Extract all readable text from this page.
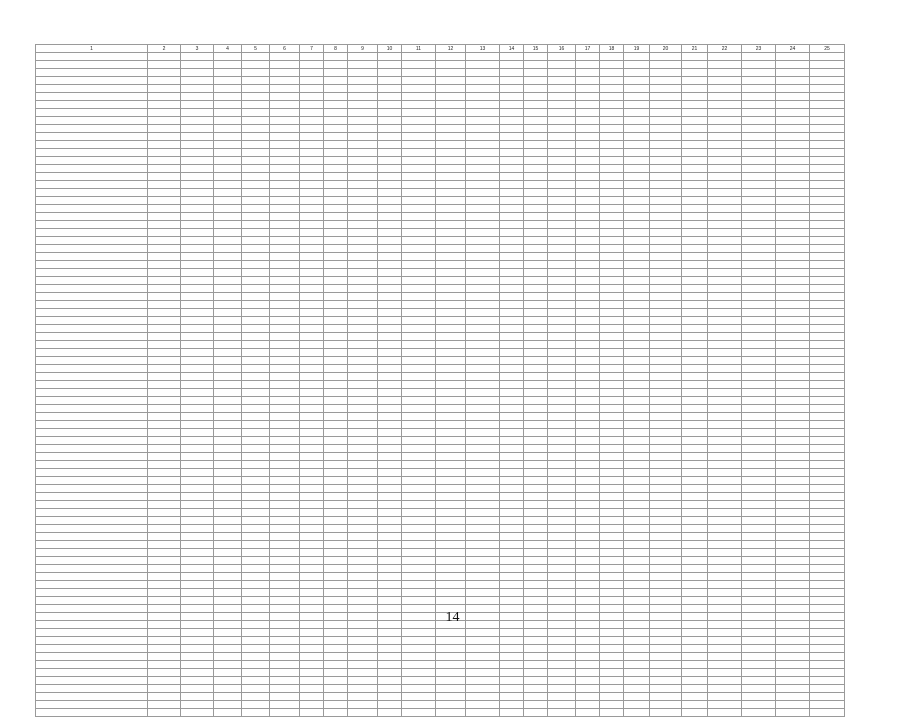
1	2	3	4	5	6	7	8	9	10	11	12	13	14	15	16	17	18	19	20	21	22	23	24	25

14
